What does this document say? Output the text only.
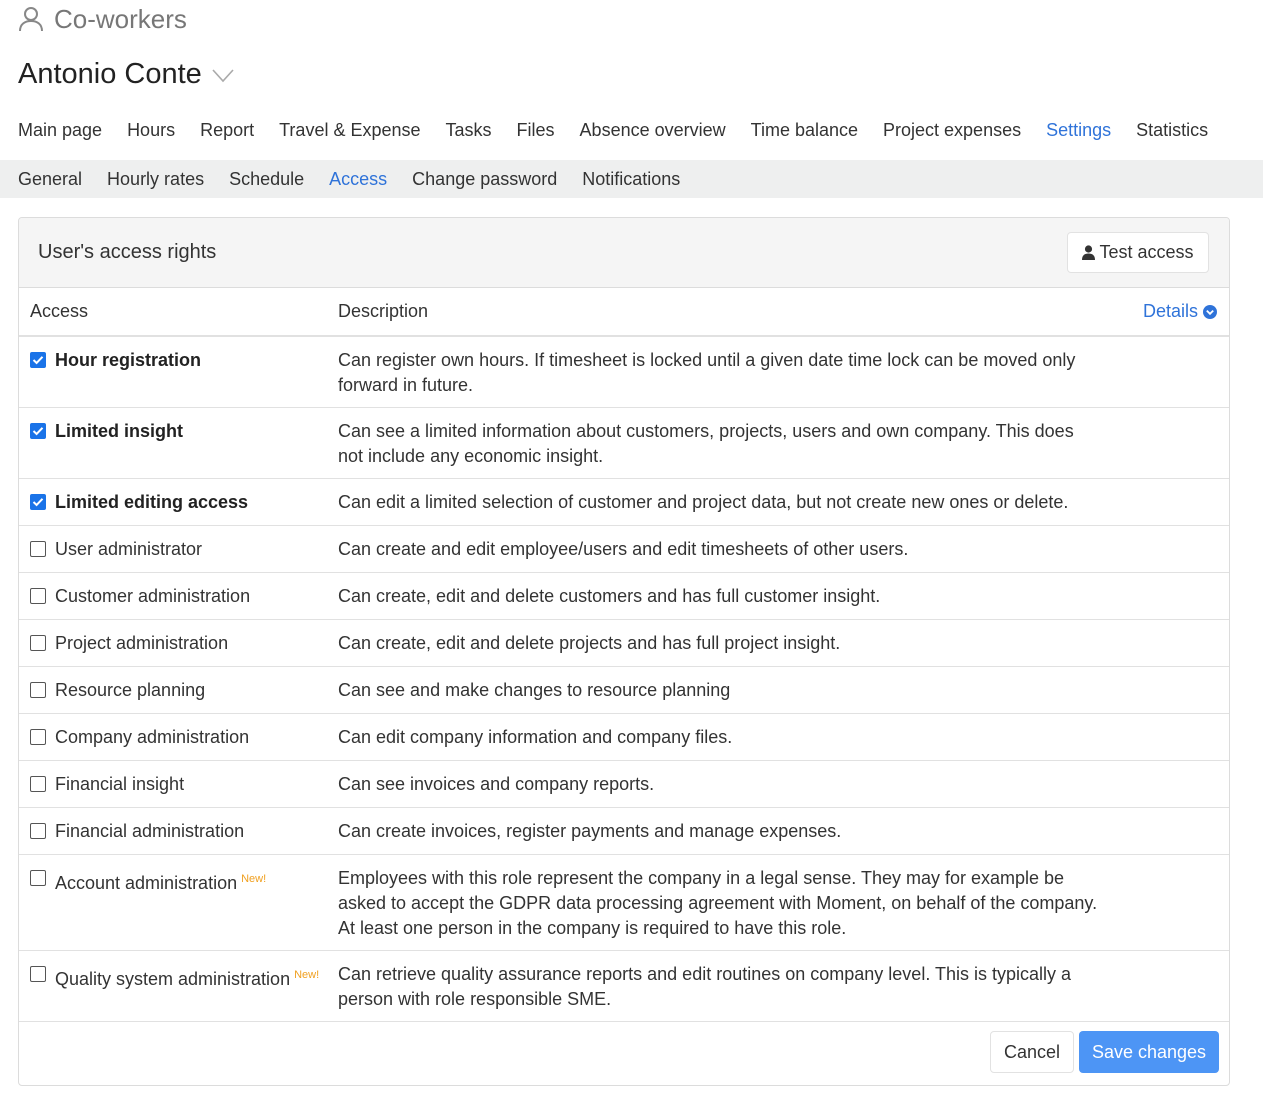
Co-workers
Antonio Conte
Main page Hours Report Travel & Expense Tasks Files Absence overview Time balance Project expenses Settings Statistics
General Hourly rates Schedule Access Change password Notifications
User's access rights	Test access
Access	Description	Details

Hour registration	Can register own hours. If timesheet is locked until a given date time lock can be moved only forward in future.	

Limited insight	Can see a limited information about customers, projects, users and own company. This does not include any economic insight.	

Limited editing access	Can edit a limited selection of customer and project data, but not create new ones or delete.	

User administrator	Can create and edit employee/users and edit timesheets of other users.	

Customer administration	Can create, edit and delete customers and has full customer insight.	

Project administration	Can create, edit and delete projects and has full project insight.	

Resource planning	Can see and make changes to resource planning	

Company administration	Can edit company information and company files.	

Financial insight	Can see invoices and company reports.	

Financial administration	Can create invoices, register payments and manage expenses.	

Account administration $^{New!}$	Employees with this role represent the company in a legal sense. They may for example be asked to accept the GDPR data processing agreement with Moment, on behalf of the company. At least one person in the company is required to have this role.	

Quality system administration $^{New!}$	Can retrieve quality assurance reports and edit routines on company level. This is typically a person with role responsible SME.	
Cancel	Save changes
